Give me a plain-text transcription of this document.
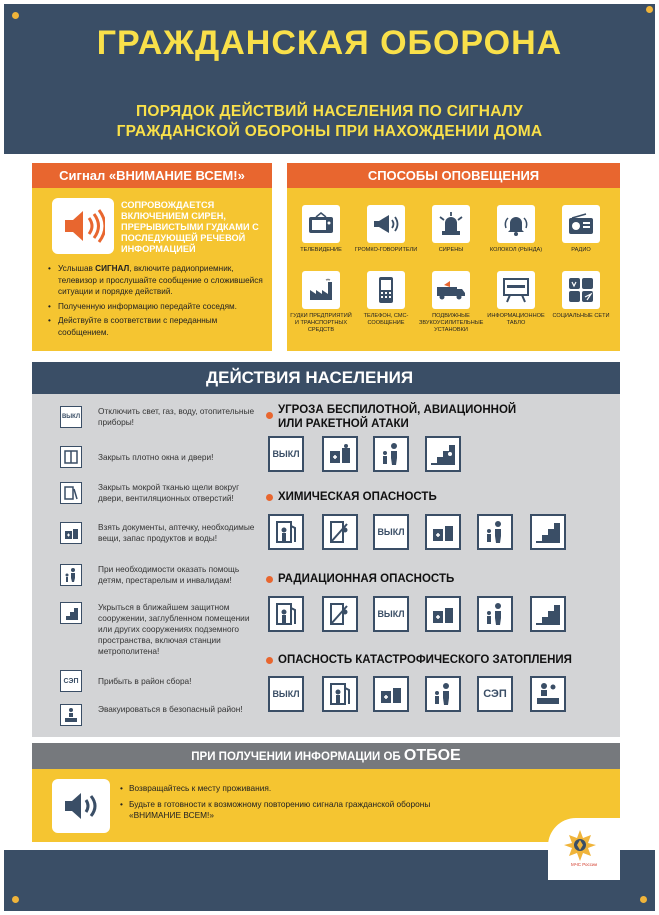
ГРАЖДАНСКАЯ ОБОРОНА
ПОРЯДОК ДЕЙСТВИЙ НАСЕЛЕНИЯ ПО СИГНАЛУ
ГРАЖДАНСКОЙ ОБОРОНЫ ПРИ НАХОЖДЕНИИ ДОМА
Сигнал «ВНИМАНИЕ ВСЕМ!»
СОПРОВОЖДАЕТСЯ ВКЛЮЧЕНИЕМ СИРЕН, ПРЕРЫВИСТЫМИ ГУДКАМИ С ПОСЛЕДУЮЩЕЙ РЕЧЕВОЙ ИНФОРМАЦИЕЙ
• Услышав СИГНАЛ, включите радиоприемник, телевизор и прослушайте сообщение о сложившейся ситуации и порядке действий.
• Полученную информацию передайте соседям.
• Действуйте в соответствии с переданным сообщением.
СПОСОБЫ ОПОВЕЩЕНИЯ
ТЕЛЕВИДЕНИЕ	ГРОМКО-ГОВОРИТЕЛИ	СИРЕНЫ	КОЛОКОЛ (РЫНДА)	РАДИО
ГУДКИ ПРЕДПРИЯТИЙ И ТРАНСПОРТНЫХ СРЕДСТВ
ТЕЛЕФОН, СМС-СООБЩЕНИЕ
ПОДВИЖНЫЕ ЗВУКОУСИЛИТЕЛЬНЫЕ УСТАНОВКИ
ИНФОРМАЦИОННОЕ ТАБЛО
СОЦИАЛЬНЫЕ СЕТИ
ДЕЙСТВИЯ НАСЕЛЕНИЯ
ВЫКЛ
Отключить свет, газ, воду, отопительные приборы!
Закрыть плотно окна и двери!
Закрыть мокрой тканью щели вокруг двери, вентиляционных отверстий!
Взять документы, аптечку, необходимые вещи, запас продуктов и воды!
При необходимости оказать помощь детям, престарелым и инвалидам!
Укрыться в ближайшем защитном сооружении, заглубленном помещении или других сооружениях подземного пространства, включая станции метрополитена!
СЭП Прибыть в район сбора!
Эвакуироваться в безопасный район!
УГРОЗА БЕСПИЛОТНОЙ, АВИАЦИОННОЙ
ИЛИ РАКЕТНОЙ АТАКИ
ВЫКЛ
ХИМИЧЕСКАЯ ОПАСНОСТЬ
ВЫКЛ
РАДИАЦИОННАЯ ОПАСНОСТЬ
ВЫКЛ
ОПАСНОСТЬ КАТАСТРОФИЧЕСКОГО ЗАТОПЛЕНИЯ
ВЫКЛ	СЭП
ПРИ ПОЛУЧЕНИИ ИНФОРМАЦИИ ОБ ОТБОЕ
• Возвращайтесь к месту проживания.
• Будьте в готовности к возможному повторению сигнала гражданской обороны «ВНИМАНИЕ ВСЕМ!»
МЧС России
